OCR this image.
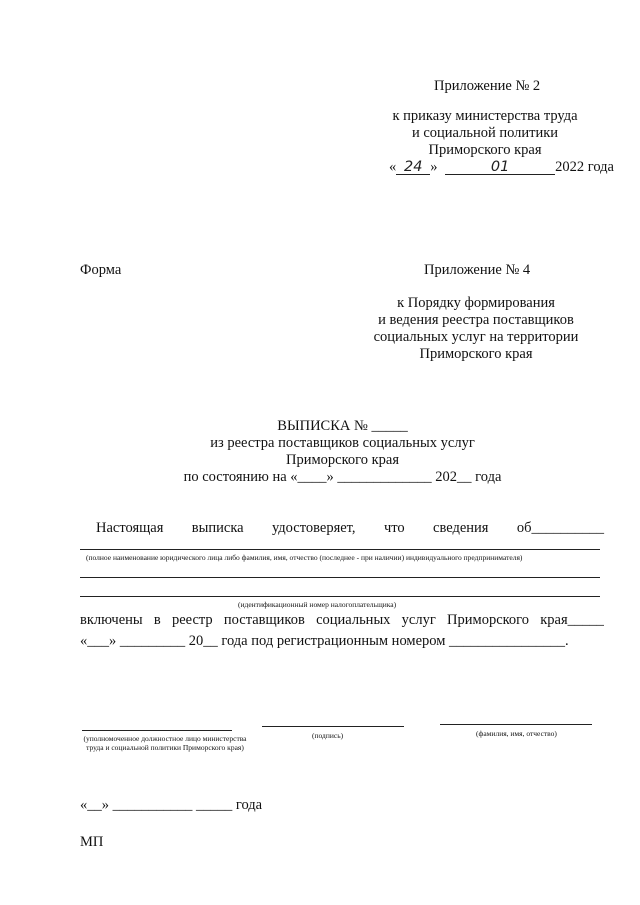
Приложение № 2
к приказу министерства труда
и социальной политики
Приморского края
« 24 »	01	2022 года
Форма	Приложение № 4
к Порядку формирования
и ведения реестра поставщиков
социальных услуг на территории
Приморского края
ВЫПИСКА № _____
из реестра поставщиков социальных услуг
Приморского края
по состоянию на «____» _____________ 202__ года
Настоящая выписка удостоверяет, что сведения об__________
(полное наименование юридического лица либо фамилия, имя, отчество (последнее - при наличии) индивидуального предпринимателя)
(идентификационный номер налогоплательщика)
включены в реестр поставщиков социальных услуг Приморского края_____
«___» _________ 20__ года под регистрационным номером ________________.
(уполномоченное должностное лицо министерства труда и социальной политики Приморского края)
(подпись)	(фамилия, имя, отчество)
«__» ___________ _____ года
МП
